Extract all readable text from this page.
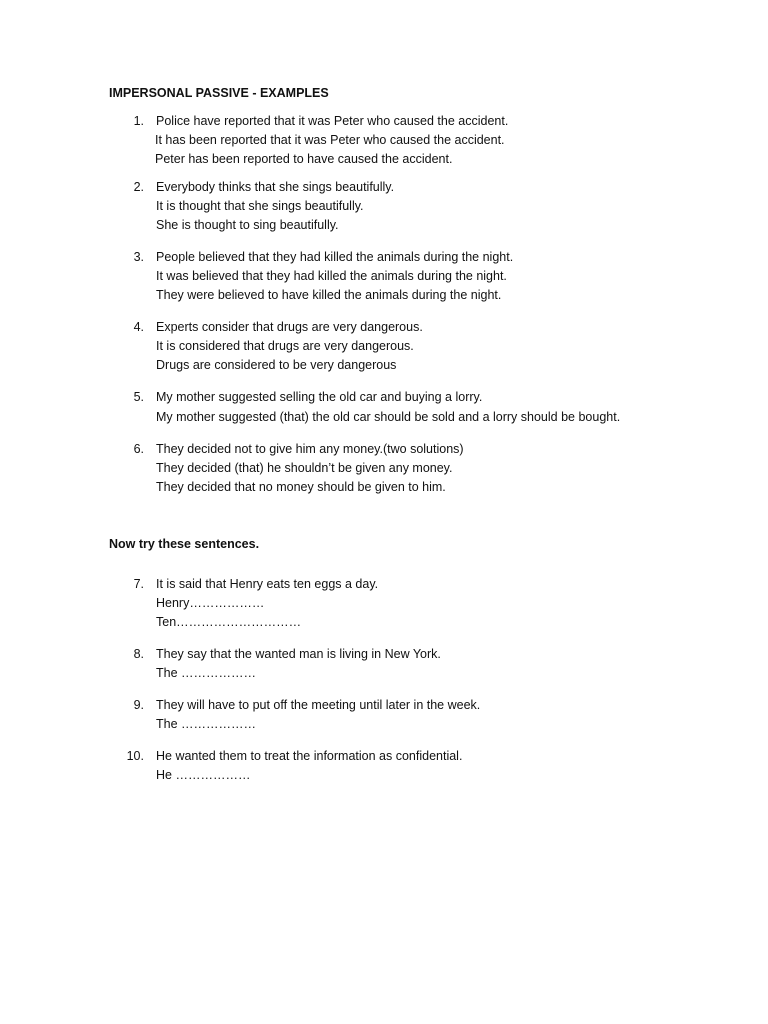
IMPERSONAL PASSIVE - EXAMPLES
1. Police have reported that it was Peter who caused the accident.
It has been reported that it was Peter who caused the accident.
Peter has been reported to have caused the accident.
2. Everybody thinks that she sings beautifully.
It is thought that she sings beautifully.
She is thought to sing beautifully.
3. People believed that they had killed the animals during the night.
It was believed that they had killed the animals during the night.
They were believed to have killed the animals during the night.
4. Experts consider that drugs are very dangerous.
It is considered that drugs are very dangerous.
Drugs are considered to be very dangerous
5. My mother suggested selling the old car and buying a lorry.
My mother suggested (that) the old car should be sold and a lorry should be bought.
6. They decided not to give him any money.(two solutions)
They decided (that) he shouldn’t be given any money.
They decided that no money should be given to him.
Now try these sentences.
7. It is said that Henry eats ten eggs a day.
Henry………………
Ten…………………………
8. They say that the wanted man is living in New York.
The ………………
9. They will have to put off the meeting until later in the week.
The ………………
10. He wanted them to treat the information as confidential.
He ………………
